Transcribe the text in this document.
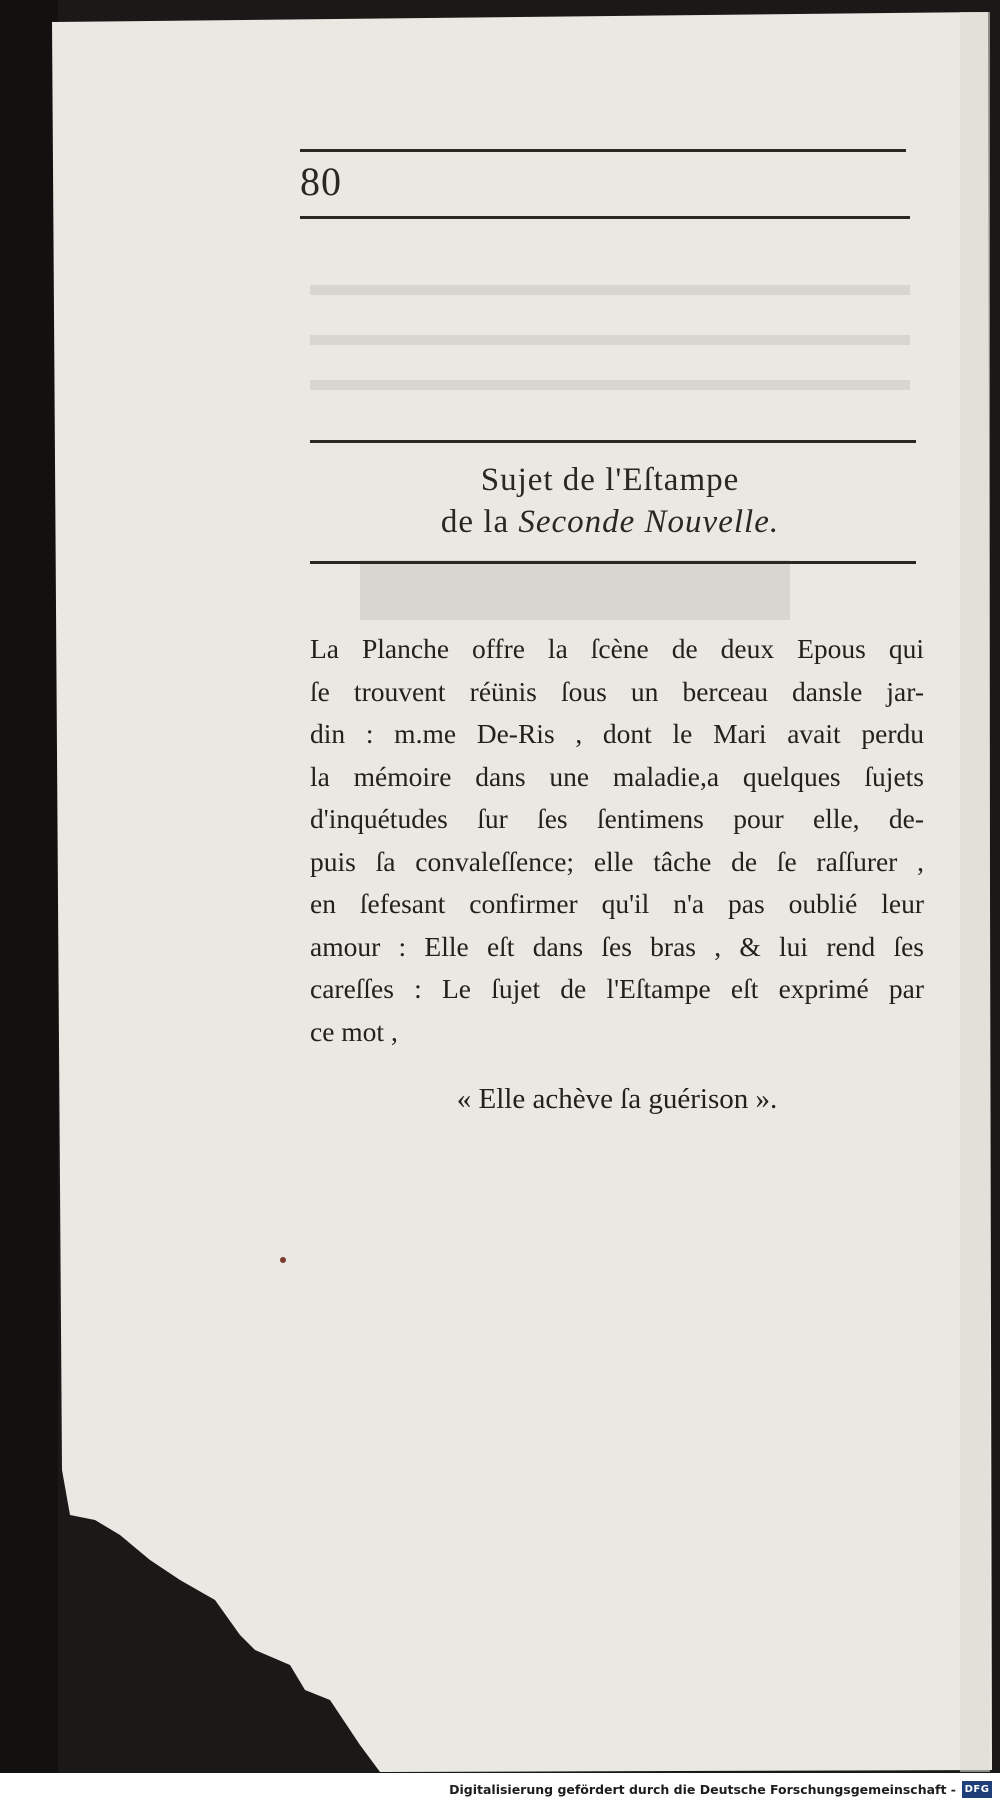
80
Sujet de l'Eſtampe
de la Seconde Nouvelle.
La Planche offre la ſcène de deux Epous qui
ſe trouvent réünis ſous un berceau dansle jar-
din : m.me De-Ris , dont le Mari avait perdu
la mémoire dans une maladie,a quelques ſujets
d'inquétudes ſur ſes ſentimens pour elle, de-
puis ſa convaleſſence; elle tâche de ſe raſſurer ,
en ſefesant confirmer qu'il n'a pas oublié leur
amour : Elle eſt dans ſes bras , & lui rend ſes
careſſes : Le ſujet de l'Eſtampe eſt exprimé par
ce mot ,
« Elle achève ſa guérison ».
Digitalisierung gefördert durch die Deutsche Forschungsgemeinschaft - DFG
